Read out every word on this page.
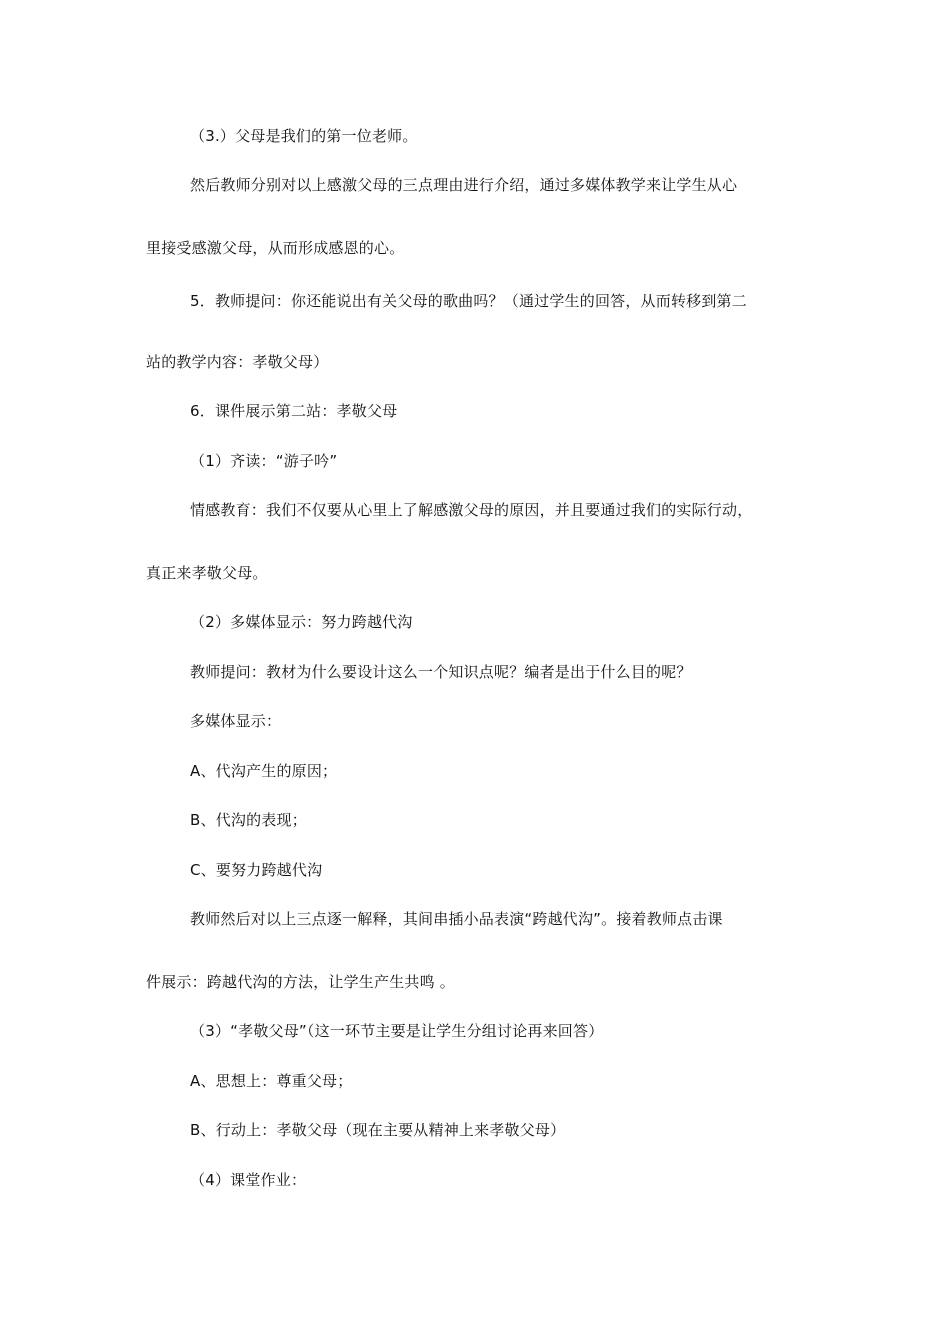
（3.）父母是我们的第一位老师。
然后教师分别对以上感激父母的三点理由进行介绍，通过多媒体教学来让学生从心
里接受感激父母，从而形成感恩的心。
5．教师提问：你还能说出有关父母的歌曲吗？（通过学生的回答，从而转移到第二
站的教学内容：孝敬父母）
6．课件展示第二站：孝敬父母
（1）齐读：“游子吟”
情感教育：我们不仅要从心里上了解感激父母的原因，并且要通过我们的实际行动，
真正来孝敬父母。
（2）多媒体显示：努力跨越代沟
教师提问：教材为什么要设计这么一个知识点呢？编者是出于什么目的呢？
多媒体显示：
A、代沟产生的原因；
B、代沟的表现；
C、要努力跨越代沟
教师然后对以上三点逐一解释，其间串插小品表演“跨越代沟”。接着教师点击课
件展示：跨越代沟的方法，让学生产生共鸣 。
（3）“孝敬父母”（这一环节主要是让学生分组讨论再来回答）
A、思想上：尊重父母；
B、行动上：孝敬父母（现在主要从精神上来孝敬父母）
（4）课堂作业：
